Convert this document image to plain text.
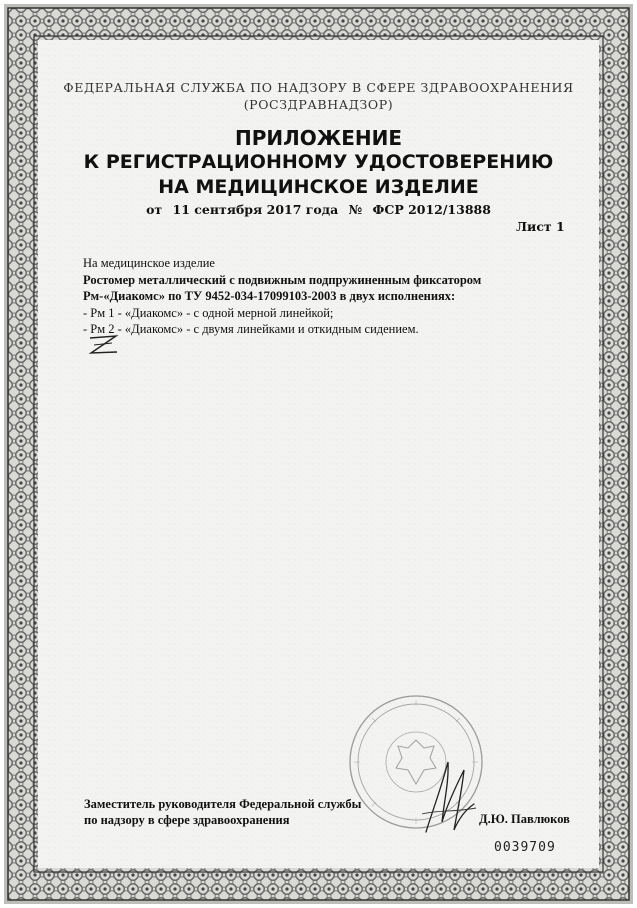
ФЕДЕРАЛЬНАЯ СЛУЖБА ПО НАДЗОРУ В СФЕРЕ ЗДРАВООХРАНЕНИЯ
(РОСЗДРАВНАДЗОР)
ПРИЛОЖЕНИЕ
К РЕГИСТРАЦИОННОМУ УДОСТОВЕРЕНИЮ
НА МЕДИЦИНСКОЕ ИЗДЕЛИЕ
от 11 сентября 2017 года № ФСР 2012/13888
Лист 1
На медицинское изделие
Ростомер металлический с подвижным подпружиненным фиксатором
Рм-«Диакомс» по ТУ 9452-034-17099103-2003 в двух исполнениях:
- Рм 1 - «Диакомс» - с одной мерной линейкой;
- Рм 2 - «Диакомс» - с двумя линейками и откидным сидением.
Заместитель руководителя Федеральной службы
по надзору в сфере здравоохранения	Д.Ю. Павлюков
0039709
